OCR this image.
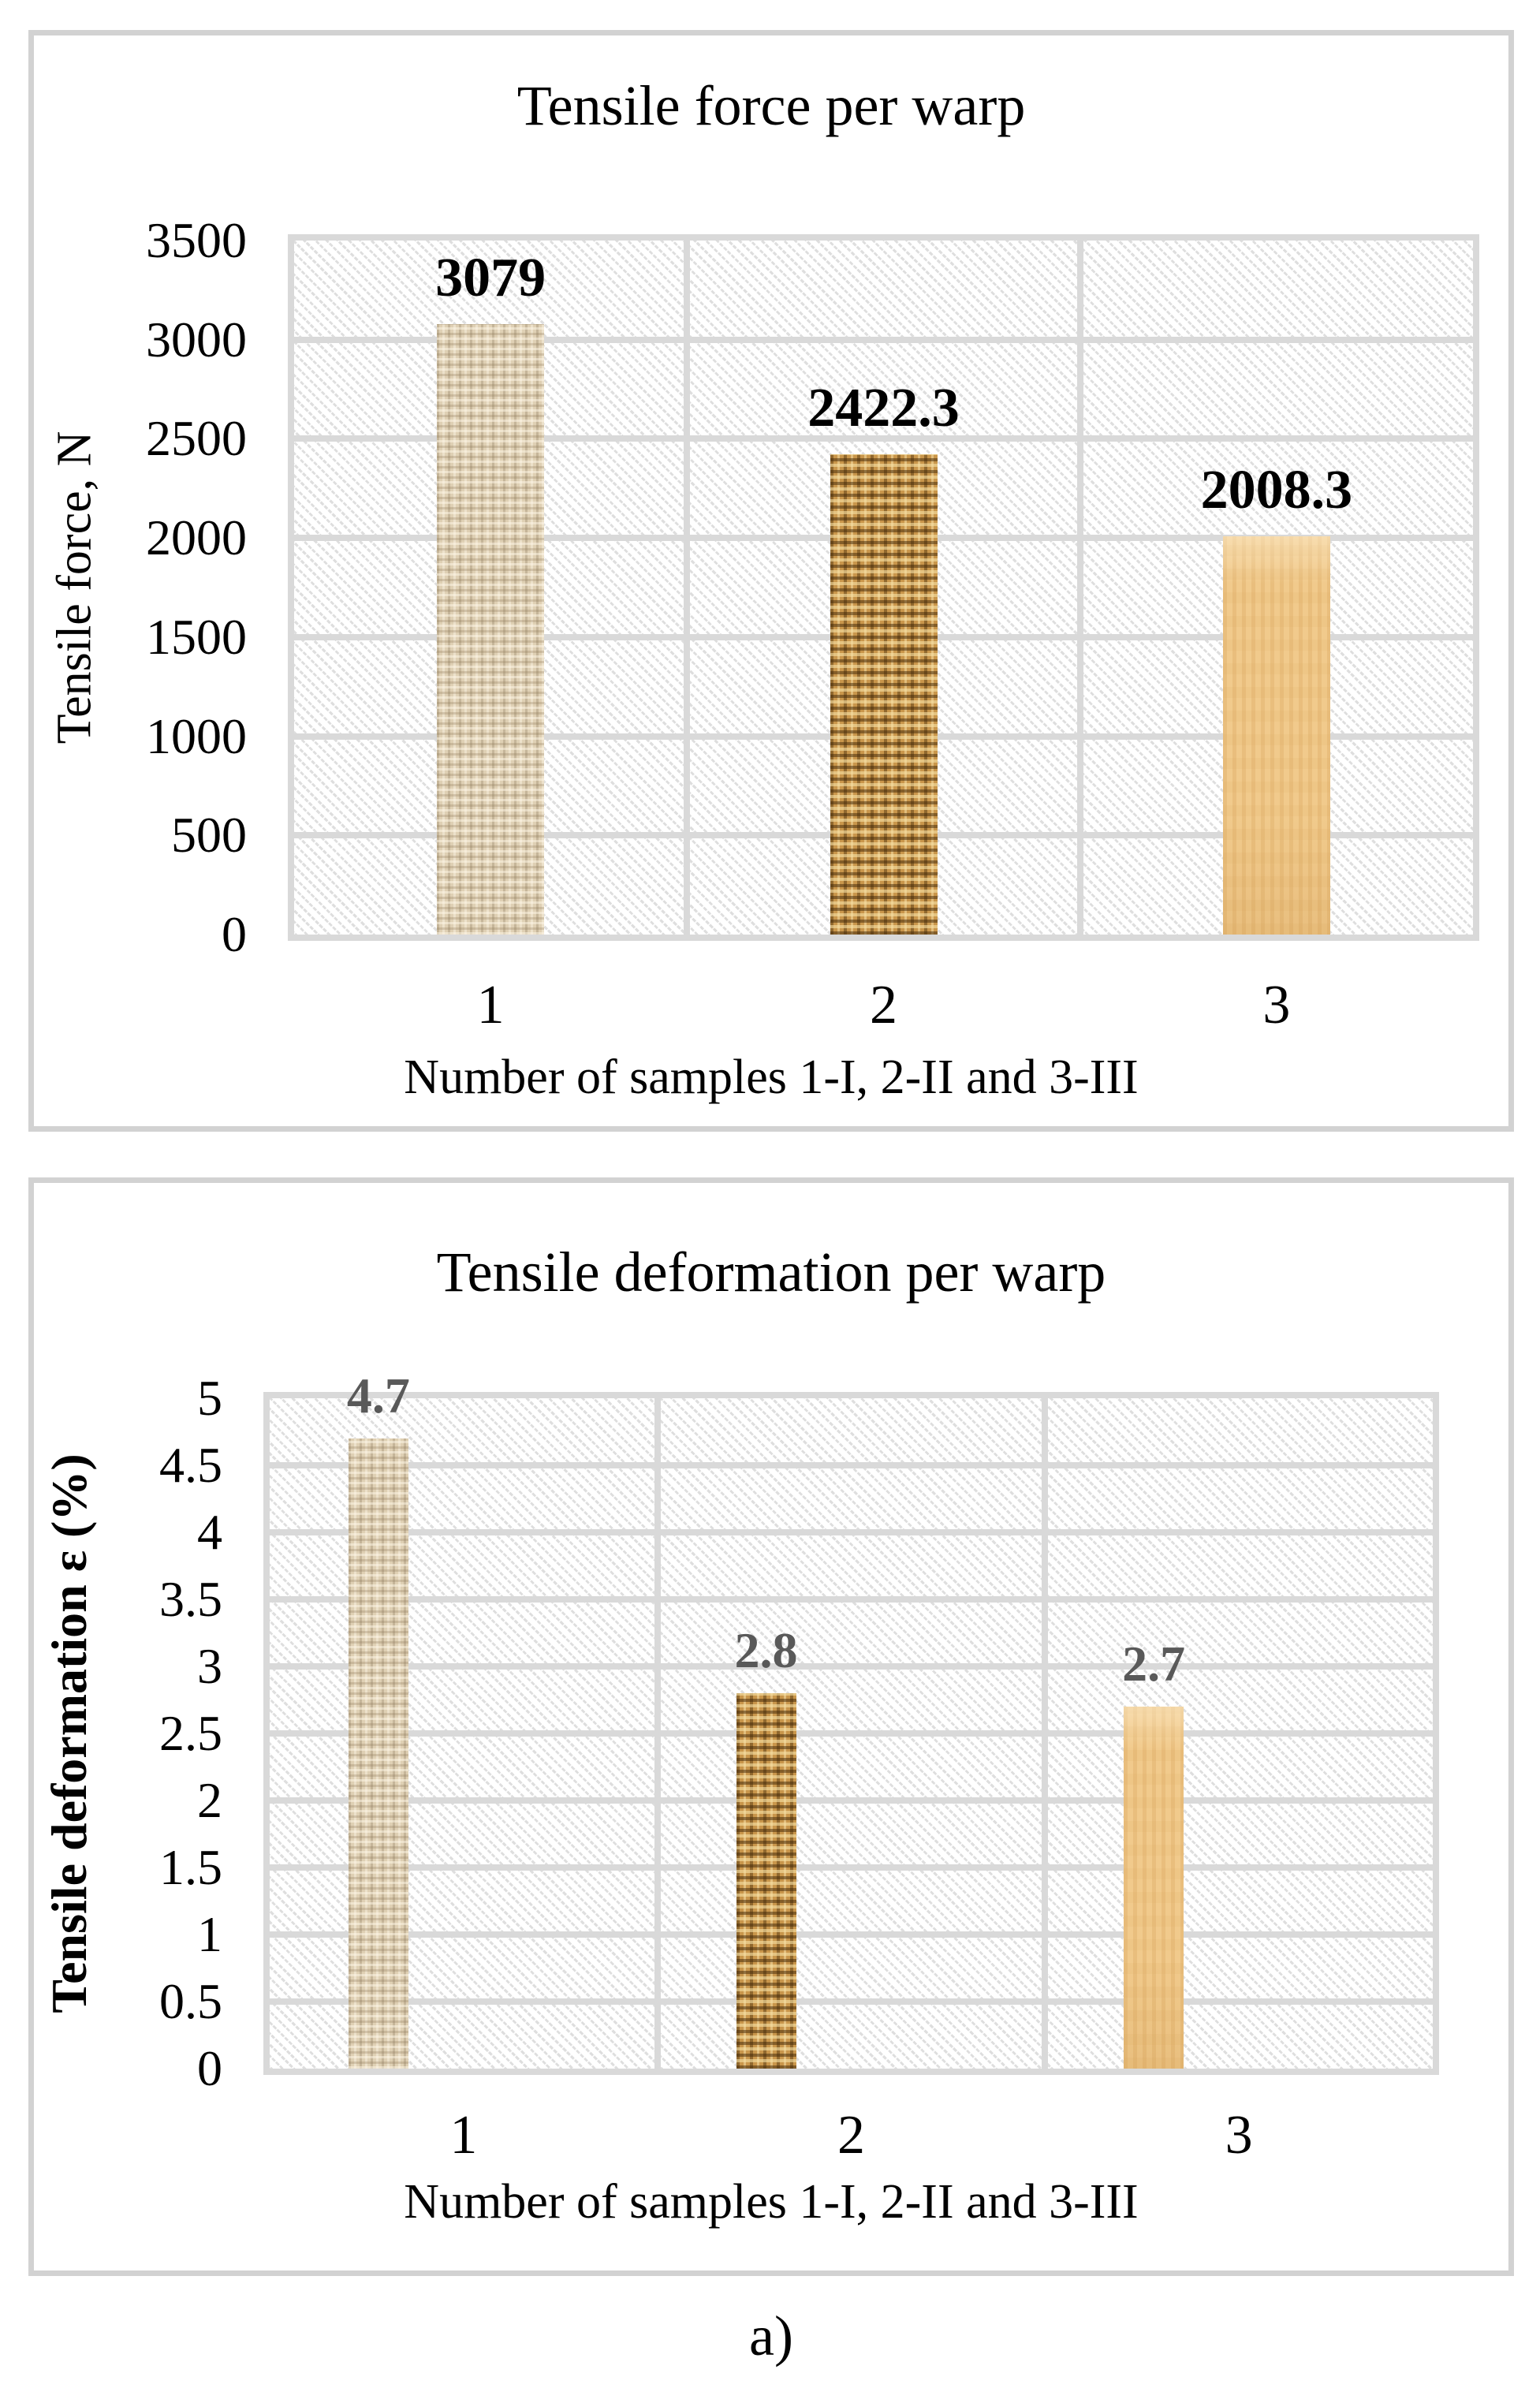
Tensile force per warp
Tensile force, N
Number of samples 1-I, 2-II and 3-III
Tensile deformation per warp
Tensile deformation ε (%)
Number of samples 1-I, 2-II and 3-III
a)
3500
3000
2500
2000
1500
1000
500
0
3079
1
2422.3
2
2008.3
3
5
4.5
4
3.5
3
2.5
2
1.5
1
0.5
0
4.7
1
2.8
2
2.7
3
